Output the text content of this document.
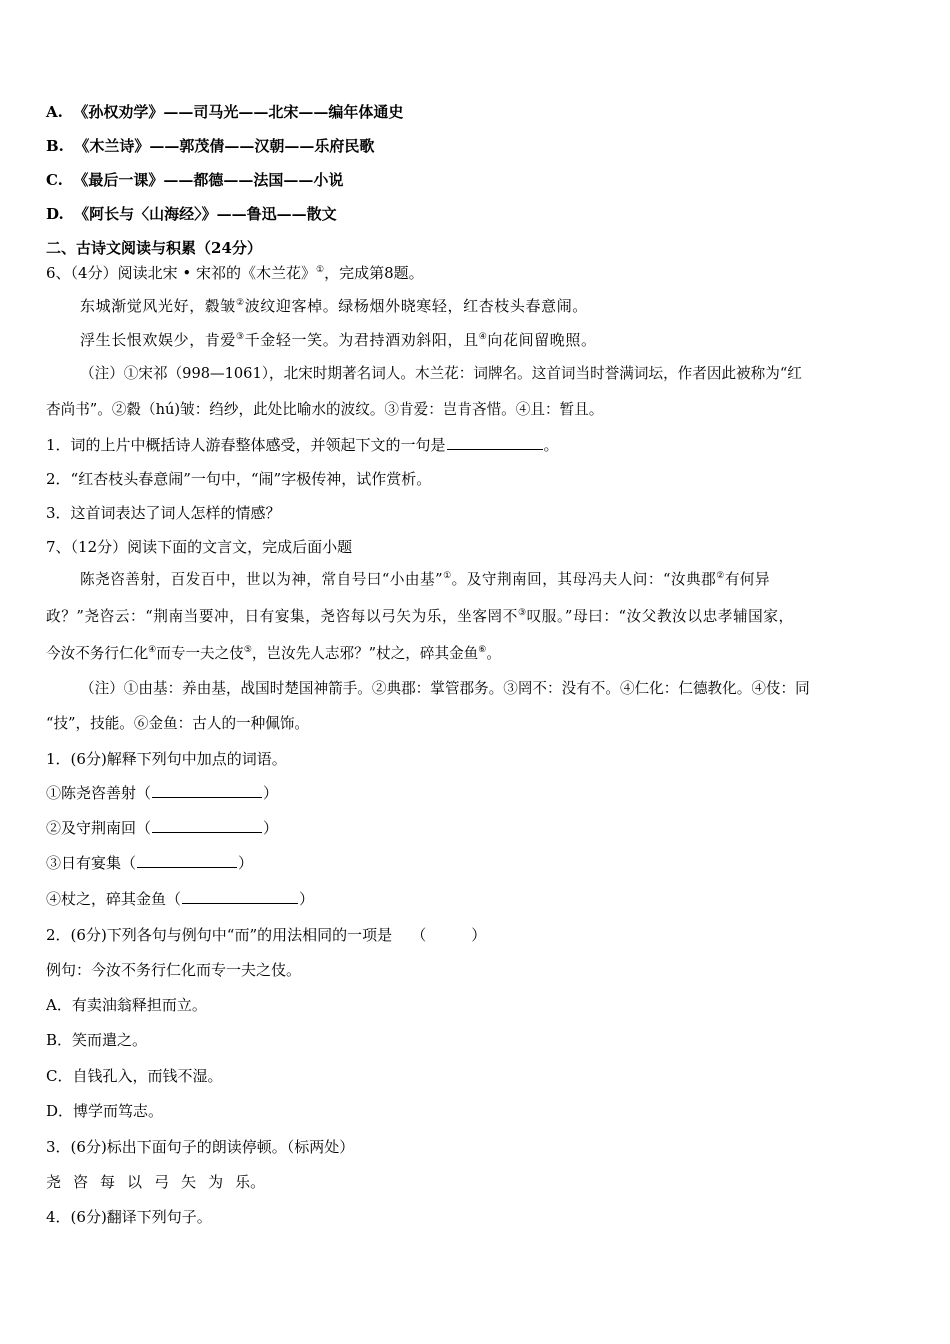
A. 《孙权劝学》——司马光——北宋——编年体通史
B. 《木兰诗》——郭茂倩——汉朝——乐府民歌
C. 《最后一课》——都德——法国——小说
D. 《阿长与〈山海经〉》——鲁迅——散文
二、古诗文阅读与积累（24分）
6、（4分）阅读北宋 • 宋祁的《木兰花》①，完成第8题。
东城渐觉风光好，縠皱②波纹迎客棹。绿杨烟外晓寒轻，红杏枝头春意闹。
浮生长恨欢娱少，肯爱③千金轻一笑。为君持酒劝斜阳，且④向花间留晚照。
（注）①宋祁（998—1061），北宋时期著名词人。木兰花：词牌名。这首词当时誉满词坛，作者因此被称为“红
杏尚书”。②縠（hú)皱：绉纱，此处比喻水的波纹。③肯爱：岂肯吝惜。④且：暂且。
1．词的上片中概括诗人游春整体感受，并领起下文的一句是	。
2．“红杏枝头春意闹”一句中，“闹”字极传神，试作赏析。
3．这首词表达了词人怎样的情感？
7、（12分）阅读下面的文言文，完成后面小题
陈尧咨善射，百发百中，世以为神，常自号曰“小由基”①。及守荆南回，其母冯夫人问：“汝典郡②有何异
政？”尧咨云：“荆南当要冲，日有宴集，尧咨每以弓矢为乐，坐客罔不③叹服。”母曰：“汝父教汝以忠孝辅国家，
今汝不务行仁化④而专一夫之伎⑤，岂汝先人志邪？”杖之，碎其金鱼⑥。
（注）①由基：养由基，战国时楚国神箭手。②典郡：掌管郡务。③罔不：没有不。④仁化：仁德教化。④伎：同
“技”，技能。⑥金鱼：古人的一种佩饰。
1．(6分)解释下列句中加点的词语。
①陈尧咨善射（	）
②及守荆南回（	）
③日有宴集（	）
④杖之，碎其金鱼（	）
2．(6分)下列各句与例句中“而”的用法相同的一项是 （　　　）
例句：今汝不务行仁化而专一夫之伎。
A．有卖油翁释担而立。
B．笑而遣之。
C．自钱孔入，而钱不湿。
D．博学而笃志。
3．(6分)标出下面句子的朗读停顿。（标两处）
尧 咨 每 以 弓 矢 为 乐。
4．(6分)翻译下列句子。
